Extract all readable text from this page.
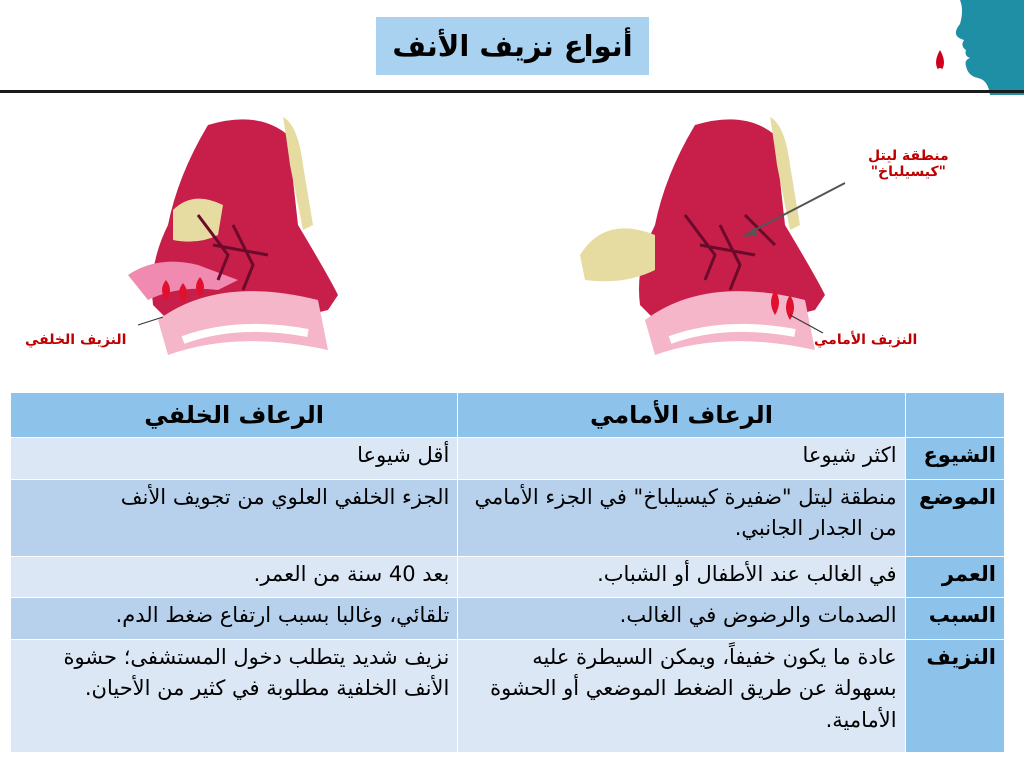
أنواع نزيف الأنف
النزيف الخلفي	النزيف الأمامي
منطقة ليتل
"كيسيلباخ"
	الرعاف الأمامي	الرعاف الخلفي
الشيوع	اكثر شيوعا	أقل شيوعا
الموضع	منطقة ليتل "ضفيرة كيسيلباخ" في الجزء الأمامي من الجدار الجانبي.	الجزء الخلفي العلوي من تجويف الأنف
العمر	في الغالب عند الأطفال أو الشباب.	بعد 40 سنة من العمر.
السبب	الصدمات والرضوض في الغالب.	تلقائي، وغالبا بسبب ارتفاع ضغط الدم.
النزيف	عادة ما يكون خفيفاً، ويمكن السيطرة عليه بسهولة عن طريق الضغط الموضعي أو الحشوة الأمامية.	نزيف شديد يتطلب دخول المستشفى؛ حشوة الأنف الخلفية مطلوبة في كثير من الأحيان.
